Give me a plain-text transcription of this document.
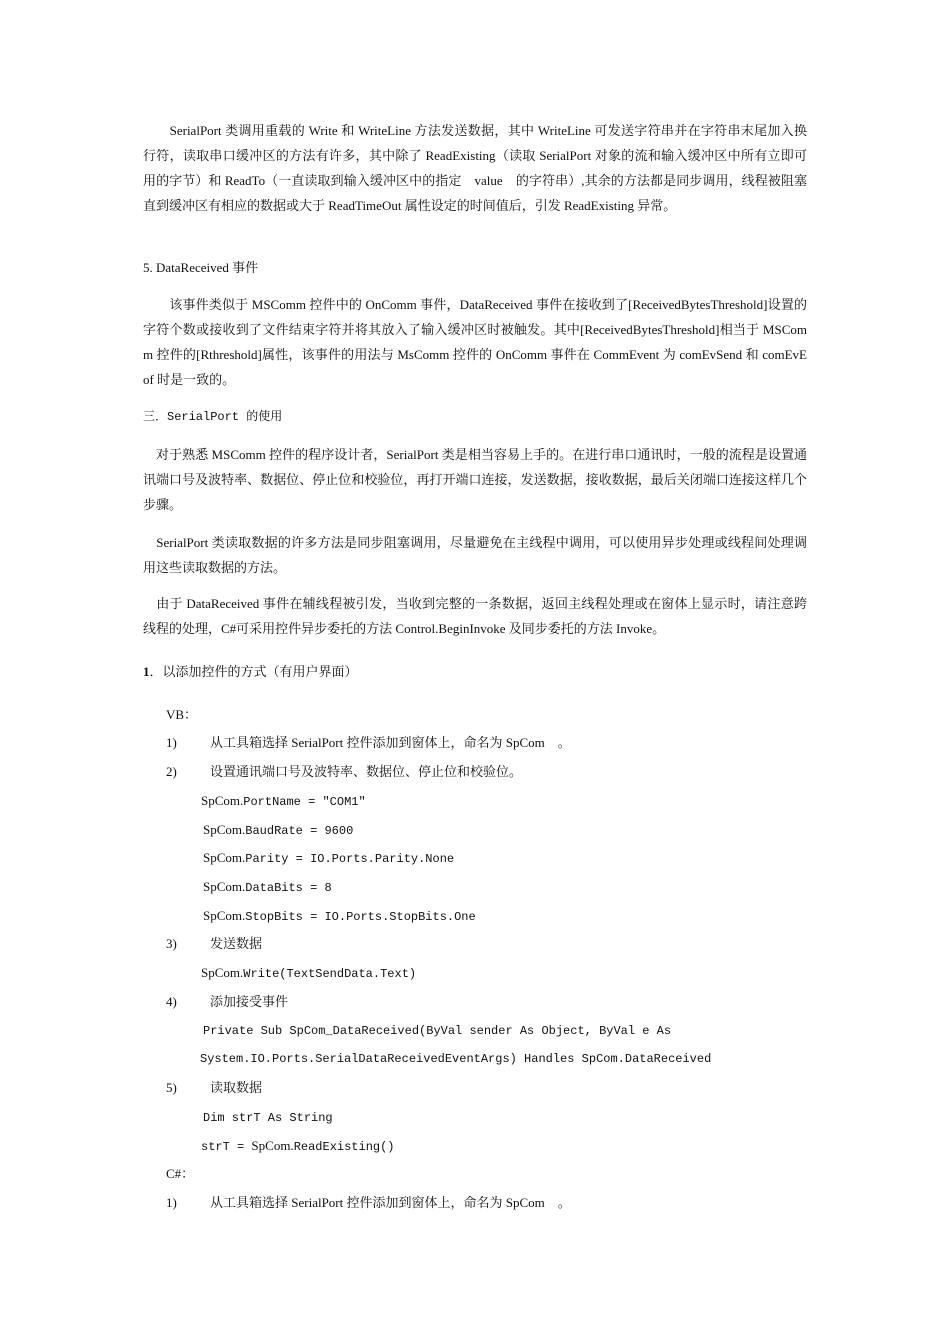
　　SerialPort 类调用重载的 Write 和 WriteLine 方法发送数据，其中 WriteLine 可发送字符串并在字符串末尾加入换行符，读取串口缓冲区的方法有许多，其中除了 ReadExisting（读取 SerialPort 对象的流和输入缓冲区中所有立即可用的字节）和 ReadTo（一直读取到输入缓冲区中的指定　value　的字符串）,其余的方法都是同步调用，线程被阻塞直到缓冲区有相应的数据或大于 ReadTimeOut 属性设定的时间值后，引发 ReadExisting 异常。

5. DataReceived 事件

　　该事件类似于 MSComm 控件中的 OnComm 事件，DataReceived 事件在接收到了[ReceivedBytesThreshold]设置的字符个数或接收到了文件结束字符并将其放入了输入缓冲区时被触发。其中[ReceivedBytesThreshold]相当于 MSComm 控件的[Rthreshold]属性，该事件的用法与 MsComm 控件的 OnComm 事件在 CommEvent 为 comEvSend 和 comEvEof 时是一致的。

三．SerialPort 的使用

　对于熟悉 MSComm 控件的程序设计者，SerialPort 类是相当容易上手的。在进行串口通讯时，一般的流程是设置通讯端口号及波特率、数据位、停止位和校验位，再打开端口连接，发送数据，接收数据，最后关闭端口连接这样几个步骤。

　SerialPort 类读取数据的许多方法是同步阻塞调用，尽量避免在主线程中调用，可以使用异步处理或线程间处理调用这些读取数据的方法。

　由于 DataReceived 事件在辅线程被引发，当收到完整的一条数据，返回主线程处理或在窗体上显示时，请注意跨线程的处理，C#可采用控件异步委托的方法 Control.BeginInvoke 及同步委托的方法 Invoke。

1．以添加控件的方式（有用户界面）
VB：
1)	从工具箱选择 SerialPort 控件添加到窗体上，命名为 SpCom　。
2)	设置通讯端口号及波特率、数据位、停止位和校验位。
SpCom.PortName = "COM1"
SpCom.BaudRate = 9600
SpCom.Parity = IO.Ports.Parity.None
SpCom.DataBits = 8
SpCom.StopBits = IO.Ports.StopBits.One
3)	发送数据
SpCom.Write(TextSendData.Text)
4)	添加接受事件
Private Sub SpCom_DataReceived(ByVal sender As Object, ByVal e As
System.IO.Ports.SerialDataReceivedEventArgs) Handles SpCom.DataReceived
5)	读取数据
Dim strT As String
strT = SpCom.ReadExisting()
C#：
1)	从工具箱选择 SerialPort 控件添加到窗体上，命名为 SpCom　。
